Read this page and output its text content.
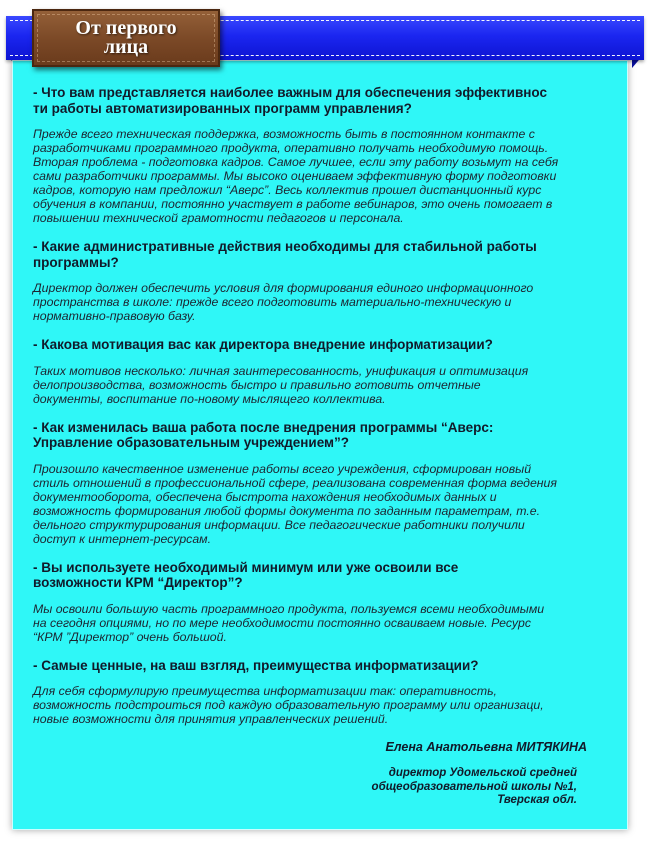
От первого
лица

- Что вам представляется наиболее важным для обеспечения эффективнос
ти работы автоматизированных программ управления?

Прежде всего техническая поддержка, возможность быть в постоянном контакте с
разработчиками программного продукта, оперативно получать необходимую помощь.
Вторая проблема - подготовка кадров. Самое лучшее, если эту работу возьмут на себя
сами разработчики программы. Мы высоко оцениваем эффективную форму подготовки
кадров, которую нам предложил “Аверс”. Весь коллектив прошел дистанционный курс
обучения в компании, постоянно участвует в работе вебинаров, это очень помогает в
повышении технической грамотности педагогов и персонала.

- Какие административные действия необходимы для стабильной работы
программы?

Директор должен обеспечить условия для формирования единого информационного
пространства в школе: прежде всего подготовить материально-техническую и
нормативно-правовую базу.

- Какова мотивация вас как директора внедрение информатизации?

Таких мотивов несколько: личная заинтересованность, унификация и оптимизация
делопроизводства, возможность быстро и правильно готовить отчетные
документы, воспитание по-новому мыслящего коллектива.

- Как изменилась ваша работа после внедрения программы “Аверс:
Управление образовательным учреждением”?

Произошло качественное изменение работы всего учреждения, сформирован новый
стиль отношений в профессиональной сфере, реализована современная форма ведения
документооборота, обеспечена быстрота нахождения необходимых данных и
возможность формирования любой формы документа по заданным параметрам, т.е.
дельного структурирования информации. Все педагогические работники получили
доступ к интернет-ресурсам.

- Вы используете необходимый минимум или уже освоили все
возможности КРМ “Директор”?

Мы освоили большую часть программного продукта, пользуемся всеми необходимыми
на сегодня опциями, но по мере необходимости постоянно осваиваем новые. Ресурс
“КРМ ”Директор” очень большой.

- Самые ценные, на ваш взгляд, преимущества информатизации?

Для себя сформулирую преимущества информатизации так: оперативность,
возможность подстроиться под каждую образовательную программу или организаци,
новые возможности для принятия управленческих решений.

Елена Анатольевна МИТЯКИНА
директор Удомельской средней
общеобразовательной школы №1,
Тверская обл.
